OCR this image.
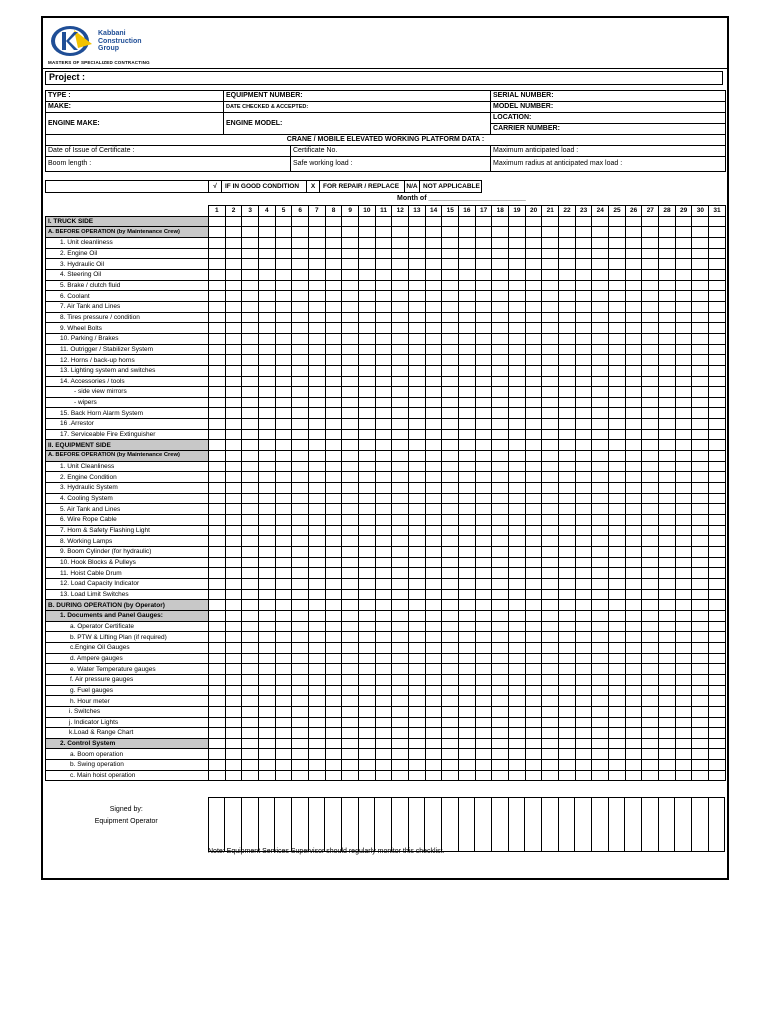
Kabbani
Construction
Group
MASTERS OF SPECIALIZED CONTRACTING
Project :
TYPE :	EQUIPMENT NUMBER:		SERIAL NUMBER:
MAKE:	DATE CHECKED & ACCEPTED:		MODEL NUMBER:
ENGINE MAKE:	ENGINE MODEL:		LOCATION:
			CARRIER NUMBER:
CRANE / MOBILE ELEVATED WORKING PLATFORM DATA :			
Date of Issue of Certificate :		Certificate No.	Maximum anticipated load :
Boom length :		Safe working load :	Maximum radius at anticipated max load :
	√	IF IN GOOD CONDITION	X	FOR REPAIR / REPLACE	N/A	NOT APPLICABLE	
Month of _________________________
	1	2	3	4	5	6	7	8	9	10	11	12	13	14	15	16	17	18	19	20	21	22	23	24	25	26	27	28	29	30	31
I. TRUCK SIDE																															
A. BEFORE OPERATION (by Maintenance Crew)																															
1. Unit cleanliness																															
2. Engine Oil																															
3. Hydraulic Oil																															
4. Steering Oil																															
5. Brake / clutch fluid																															
6. Coolant																															
7. Air Tank and Lines																															
8. Tires pressure / condition																															
9. Wheel Bolts																															
10. Parking / Brakes																															
11. Outrigger / Stabilizer System																															
12. Horns / back-up horns																															
13. Lighting system and switches																															
14. Accessories / tools																															
- side view mirrors																															
- wipers																															
15. Back Horn Alarm System																															
16 .Arrestor																															
17. Serviceable Fire Extinguisher																															
II. EQUIPMENT SIDE																															
A. BEFORE OPERATION (by Maintenance Crew)																															
1. Unit Cleanliness																															
2. Engine Condition																															
3. Hydraulic System																															
4. Cooling System																															
5. Air Tank and Lines																															
6. Wire Rope Cable																															
7. Horn & Safety Flashing Light																															
8. Working Lamps																															
9. Boom Cylinder (for hydraulic)																															
10. Hook Blocks & Pulleys																															
11. Hoist Cable Drum																															
12. Load Capacity Indicator																															
13. Load Limit Switches																															
B. DURING OPERATION (by Operator)																															
1. Documents and Panel Gauges:																															
a. Operator Certificate																															
b. PTW & Lifting Plan (if required)																															
c.Engine Oil Gauges																															
d. Ampere gauges																															
e. Water Temperature gauges																															
f. Air pressure gauges																															
g. Fuel gauges																															
h. Hour meter																															
i. Switches																															
j. Indicator Lights																															
k.Load & Range Chart																															
2. Control System																															
a. Boom operation																															
b. Swing operation																															
c. Main hoist operation																															
Signed by:
Equipment Operator

Note: Equipment Services Supervisor should regularly monitor this checklist.
